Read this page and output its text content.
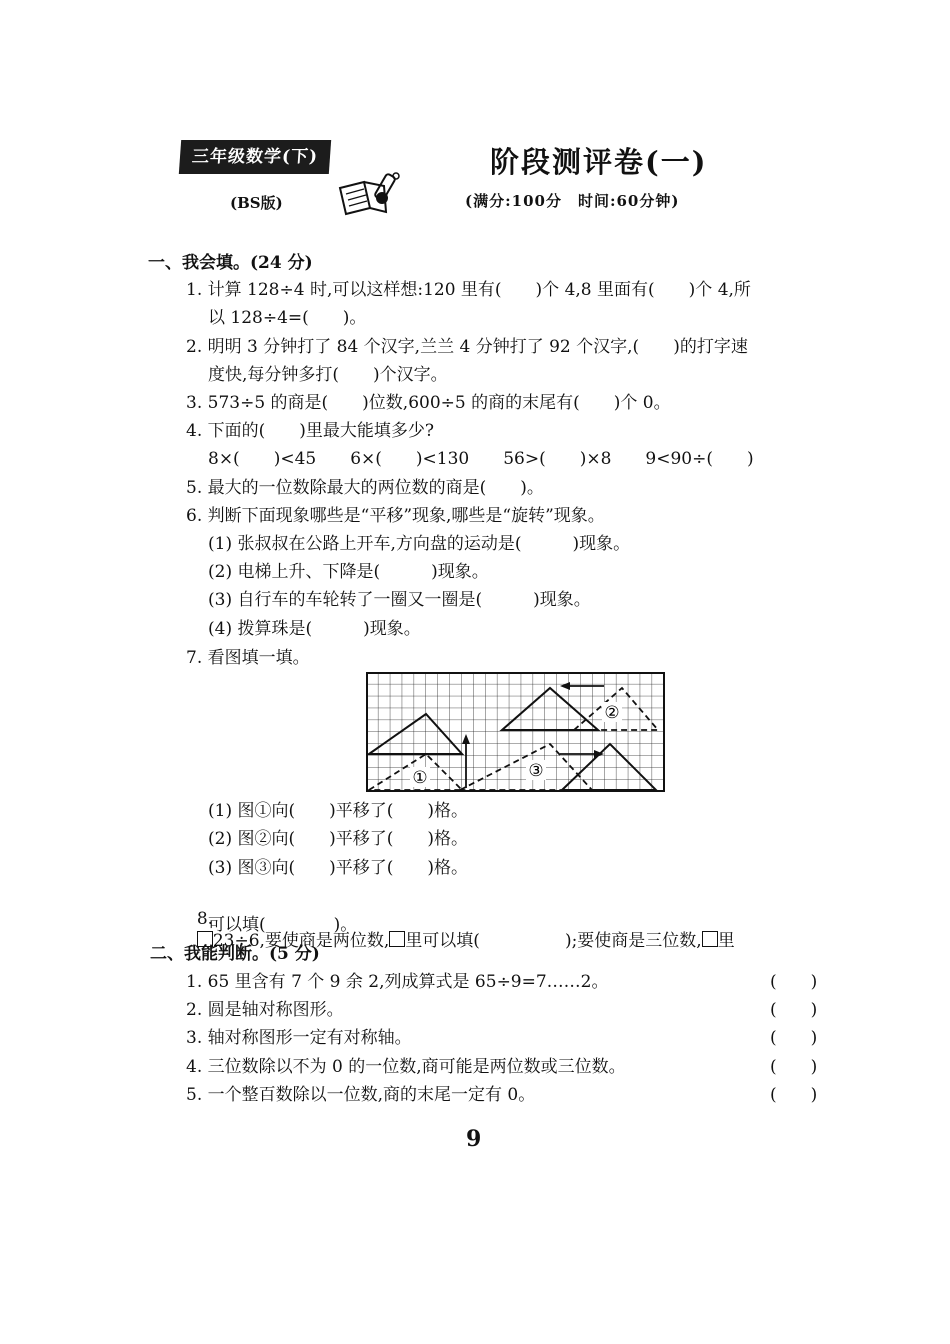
三年级数学(下)
(BS版)
阶段测评卷(一)
(满分:100分　时间:60分钟)
一、我会填。(24 分)
1. 计算 128÷4 时,可以这样想:120 里有(　　)个 4,8 里面有(　　)个 4,所
以 128÷4=(　　)。
2. 明明 3 分钟打了 84 个汉字,兰兰 4 分钟打了 92 个汉字,(　　)的打字速
度快,每分钟多打(　　)个汉字。
3. 573÷5 的商是(　　)位数,600÷5 的商的末尾有(　　)个 0。
4. 下面的(　　)里最大能填多少?
8×(　　)<45　　6×(　　)<130　　56>(　　)×8　　9<90÷(　　)
5. 最大的一位数除最大的两位数的商是(　　)。
6. 判断下面现象哪些是“平移”现象,哪些是“旋转”现象。
(1) 张叔叔在公路上开车,方向盘的运动是(　　　)现象。
(2) 电梯上升、下降是(　　　)现象。
(3) 自行车的车轮转了一圈又一圈是(　　　)现象。
(4) 拨算珠是(　　　)现象。
7. 看图填一填。
①
②
③
(1) 图①向(　　)平移了(　　)格。
(2) 图②向(　　)平移了(　　)格。
(3) 图③向(　　)平移了(　　)格。

8.
23÷6,要使商是两位数, 里可以填(　　　　　);要使商是三位数, 里

可以填(　　　　)。
二、我能判断。(5 分)
1. 65 里含有 7 个 9 余 2,列成算式是 65÷9=7……2。	(　　)
2. 圆是轴对称图形。	(　　)
3. 轴对称图形一定有对称轴。	(　　)
4. 三位数除以不为 0 的一位数,商可能是两位数或三位数。	(　　)
5. 一个整百数除以一位数,商的末尾一定有 0。	(　　)
9
